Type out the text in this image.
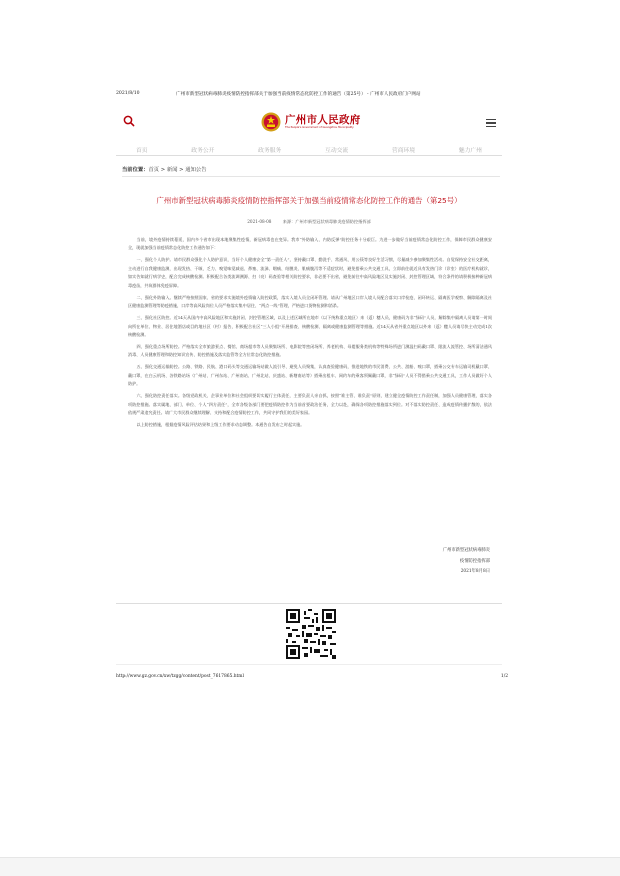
2021/8/10	广州市新型冠状病毒肺炎疫情防控指挥部关于加强当前疫情常态化防控工作的通告（第25号） - 广州市人民政府门户网站
广州市人民政府
The People's Government of Guangzhou Municipality
首页	政务公开	政务服务	互动交流	营商环境	魅力广州
当前位置：首页 > 新闻 > 通知公告
广州市新型冠状病毒肺炎疫情防控指挥部关于加强当前疫情常态化防控工作的通告（第25号）
2021-08-08	来源：广州市新型冠状病毒肺炎疫情防控指挥部

当前，境外疫情持续蔓延，国内多个省市出现本地聚集性疫情，新冠病毒也在变异。我市“外防输入、内防反弹”防控任务十分艰巨。为进一步做好当前疫情常态化防控工作，保障市民群众健康安全，现就加强当前疫情常态化防控工作通告如下：

一、强化个人防护。请市民群众强化个人防护意识，当好个人健康安全“第一责任人”，坚持戴口罩、勤洗手、常通风、用公筷等良好生活习惯，尽量减少参加聚集性活动。自觉保持安全社交距离，主动进行自我健康监测，出现发热、干咳、乏力、嗅觉味觉减退、鼻塞、流涕、咽痛、结膜炎、肌痛腹泻等不适症状时，避免搭乘公共交通工具，立即前往就近具有发热门诊（诊室）的医疗机构就诊，如实告知就行病学史，配合完成核酸检测。积极配合各类流调溯源、扫（亮）码查验等相关防控要求，非必要不出省，避免前往中高风险地区及实施封闭、封控管理区域，符合条件的请积极接种新冠病毒疫苗，共筑群体免疫屏障。

二、强化外防输入。继续严格按照国家、省的要求实施境外疫情输入防控政策，落实入境人员全闭环管理。请从广州地区口岸入境人员配合落实口岸检疫、闭环转运、隔离医学观察、解除隔离及社区健康监测管理等防疫措施，口岸等高风险岗位人员严格落实集中居住、“两点一线”管理，严格进口货物检测和消杀。

三、强化社区防控。近14天从国内中高风险地区和实施封闭、封控管理区域，以及上述区域所在地市（以下统称重点地区）来（返）穗人员，健康码为非“绿码”人员，解除集中隔离人员请第一时间向所在单位、物业、居住地酒店或目的地社区（村）报告，积极配合社区“三人小组”开展排查、核酸检测、隔离或健康监测管理等措施。近14天从省外重点地区以外来（返）穗人员请尽快主动完成1次核酸检测。

四、强化重点场所防控。严格落实全市旅游景点、餐馆、商场超市等人员聚集场所、电影院等密闭场所、养老机构、母婴服务类机构等特殊场所进门测温扫码戴口罩、限流人流管控、场所清洁通风消毒、人员健康管理和防控知识宣传、防控措施及落实监管等全方位常态化防控措施。

五、强化交通运输防控。公路、铁路、民航、港口码头等交通运输场站做人流引导、避免人员聚集，认真查验健康码，推进地铁的市民消费、公共、游船、嗅口罩，搭乘公交专车运输司机戴口罩、戴口罩，在白云机场、各铁路站场（广州站、广州东站、广州南站、广州北站、庆盛站、新塘南站等）搭乘出租车、网约车的乘客须佩戴口罩，非“绿码”人员不得搭乘公共交通工具，工作人员做好个人防护。

六、强化防控责任落实。各级党政机关、企事业单位和社会组织要切实履行主体责任，主要负责人亲自抓，按照“谁主管、谁负责”原则，建立健全疫情防控工作责任制，加强人员健康管理，落实各项防控措施。落实属地、部门、单位、个人“四方责任”，全市各级各部门要把疫情防控作为当前首要政治任务，全力以赴，确保各项防控措施落实到位。对不落实防控责任、造成疫情传播扩散的，依法依规严肃追究责任。请广大市民群众继续理解、支持和配合疫情防控工作，共同守护我们的美好家园。

以上防控措施，根据疫情风险评估结果和上级工作要求动态调整。本通告自发布之时起实施。

广州市新型冠状病毒肺炎
疫情防控指挥部
2021年8月8日
http://www.gz.gov.cn/xw/tzgg/content/post_7617865.html	1/2
